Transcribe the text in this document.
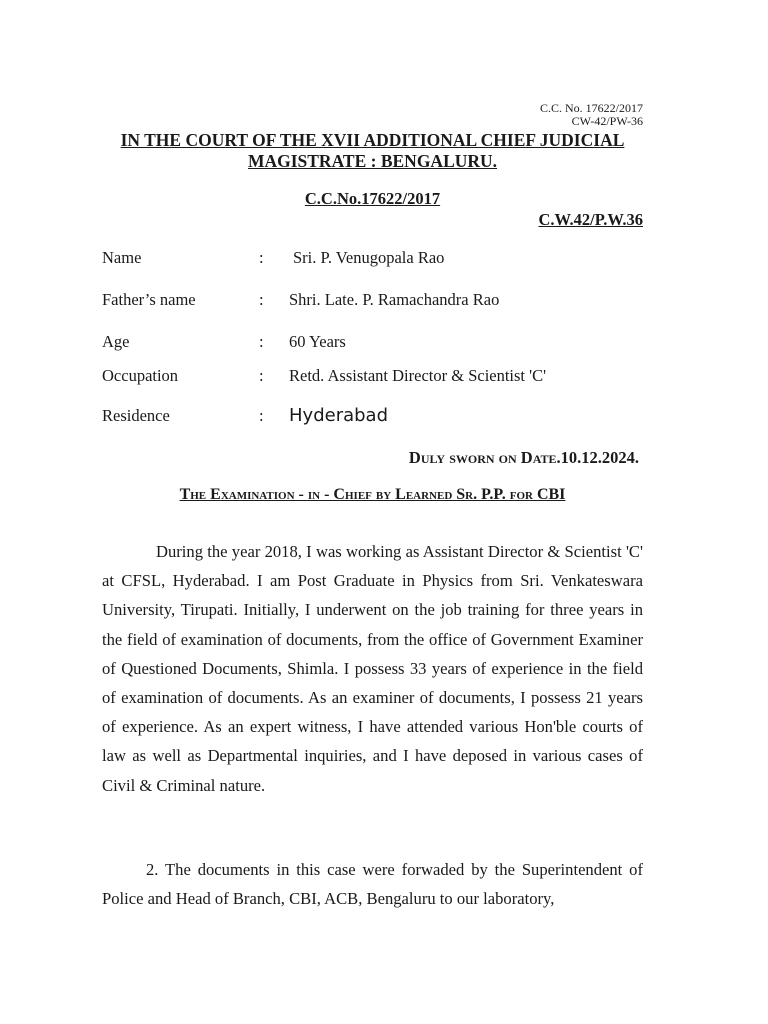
C.C. No. 17622/2017
CW-42/PW-36
IN THE COURT OF THE XVII ADDITIONAL CHIEF JUDICIAL
MAGISTRATE : BENGALURU.
C.C.No.17622/2017
C.W.42/P.W.36
Name	: Sri. P. Venugopala Rao
Father’s name	: Shri. Late. P. Ramachandra Rao
Age	: 60 Years
Occupation	: Retd. Assistant Director & Scientist 'C'
Residence	: Hyderabad
Duly sworn on Date.10.12.2024.
The Examination - in - Chief by Learned Sr. P.P. for CBI
During the year 2018, I was working as Assistant Director & Scientist 'C' at CFSL, Hyderabad. I am Post Graduate in Physics from Sri. Venkateswara University, Tirupati. Initially, I underwent on the job training for three years in the field of examination of documents, from the office of Government Examiner of Questioned Documents, Shimla. I possess 33 years of experience in the field of examination of documents. As an examiner of documents, I possess 21 years of experience. As an expert witness, I have attended various Hon'ble courts of law as well as Departmental inquiries, and I have deposed in various cases of Civil & Criminal nature.
2. The documents in this case were forwaded by the Superintendent of Police and Head of Branch, CBI, ACB, Bengaluru to our laboratory,
